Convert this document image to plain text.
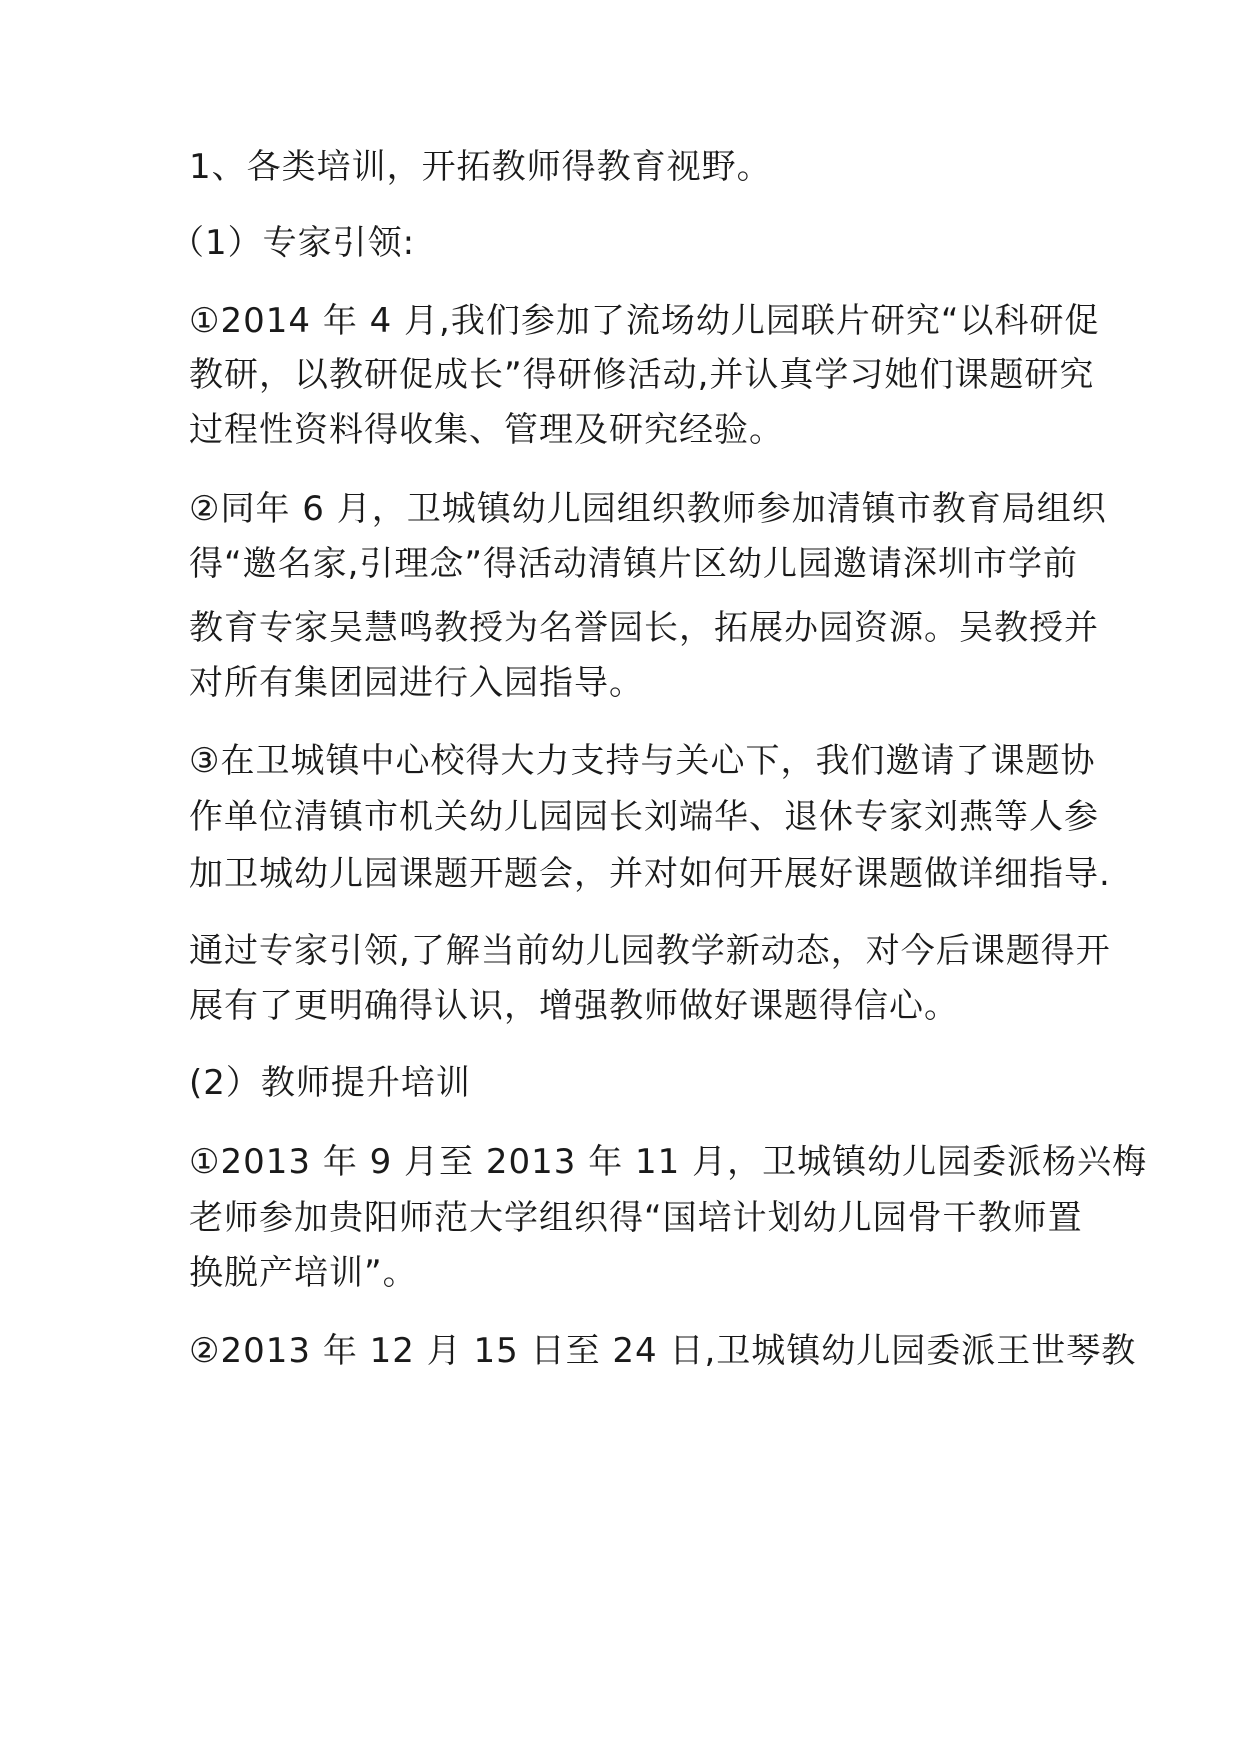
1、各类培训，开拓教师得教育视野。

（1）专家引领:

①2014 年 4 月,我们参加了流场幼儿园联片研究“以科研促

教研，以教研促成长”得研修活动,并认真学习她们课题研究

过程性资料得收集、管理及研究经验。

②同年 6 月，卫城镇幼儿园组织教师参加清镇市教育局组织

得“邀名家,引理念”得活动清镇片区幼儿园邀请深圳市学前

教育专家吴慧鸣教授为名誉园长，拓展办园资源。吴教授并

对所有集团园进行入园指导。

③在卫城镇中心校得大力支持与关心下，我们邀请了课题协

作单位清镇市机关幼儿园园长刘端华、退休专家刘燕等人参

加卫城幼儿园课题开题会，并对如何开展好课题做详细指导.

通过专家引领,了解当前幼儿园教学新动态，对今后课题得开

展有了更明确得认识，增强教师做好课题得信心。

(2）教师提升培训

①2013 年 9 月至 2013 年 11 月，卫城镇幼儿园委派杨兴梅

老师参加贵阳师范大学组织得“国培计划幼儿园骨干教师置

换脱产培训”。

②2013 年 12 月 15 日至 24 日,卫城镇幼儿园委派王世琴教
